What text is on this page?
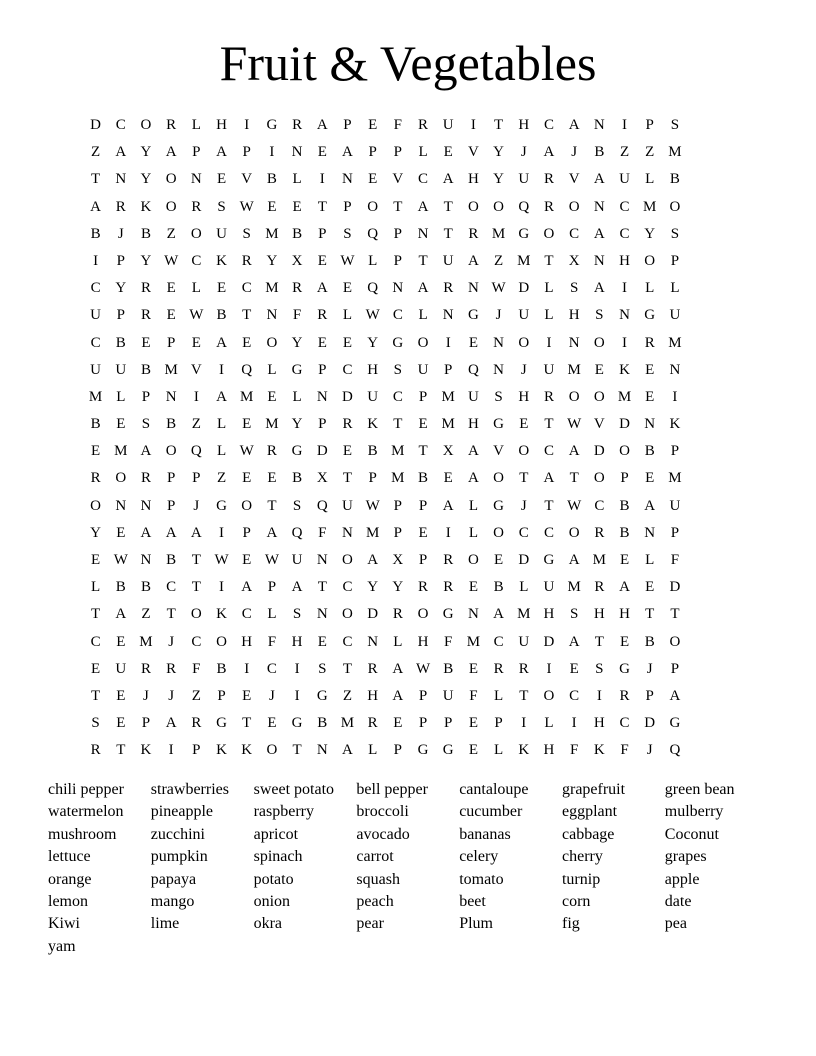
Fruit & Vegetables
D C O R	L	H	I	G R A	P	E	F	R U	I	T	H C A N	I	P	S
Z	A Y A	P	A	P	I	N	E	A	P	P	L	E	V Y	J	A	J	B	Z	Z M
T	N Y O N	E	V B	L	I	N	E	V C A H Y U R V A U	L	B
A R K O R	S W E	E	T	P	O	T	A	T	O O Q R O N C M O
B	J	B	Z	O U	S M B	P	S	Q	P	N	T	R M G O C A C Y	S
I	P	Y W C K R Y X	E W L	P	T	U A	Z M T	X N H O	P
C Y R	E	L	E	C M R A	E	Q N A R N W D	L	S	A	I	L	L
U	P	R	E W B	T	N	F	R	L W C	L	N G	J	U	L	H	S	N G U
C	B	E	P	E	A	E	O Y	E	E	Y G O	I	E	N O	I	N O	I	R M
U U B M V	I	Q	L	G	P	C H	S	U	P	Q N	J	U M E	K	E	N
M L	P	N	I	A M E	L	N D U C	P M U	S	H R O O M E	I
B	E	S	B	Z	L	E M Y	P	R K	T	E M H G	E	T W V D N K
E M A O Q	L W R G D	E	B M T	X A V O C A D O B	P
R O R	P	P	Z	E	E	B X	T	P M B	E	A O	T	A	T	O	P	E M
O N N	P	J	G O	T	S	Q U W P	P	A	L	G	J	T W C	B A U
Y	E	A A A	I	P	A Q	F	N M P	E	I	L	O C	C O R	B N	P
E W N B	T W E W U N O A X	P	R O	E	D G A M E	L	F
L	B	B	C	T	I	A	P	A	T	C Y Y R	R	E	B	L	U M R A	E	D
T	A	Z	T	O K C	L	S	N O D R O G N A M H	S	H H	T	T
C	E M	J	C O H	F	H	E	C N	L	H	F M C U D A	T	E	B O
E	U R	R	F	B	I	C	I	S	T	R A W B	E	R	R	I	E	S	G	J	P
T	E	J	J	Z	P	E	J	I	G	Z	H A	P	U	F	L	T	O C	I	R	P	A
S	E	P	A R G	T	E	G B M R	E	P	P	E	P	I	L	I	H C D G
R	T	K	I	P	K K O	T	N A	L	P	G G	E	L	K H	F	K	F	J	Q
chili pepper	strawberries	sweet potato	bell pepper	cantaloupe	grapefruit	green bean
watermelon	pineapple	raspberry	broccoli	cucumber	eggplant	mulberry
mushroom	zucchini	apricot	avocado	bananas	cabbage	Coconut
lettuce	pumpkin	spinach	carrot	celery	cherry	grapes
orange	papaya	potato	squash	tomato	turnip	apple
lemon	mango	onion	peach	beet	corn	date
Kiwi	lime	okra	pear	Plum	fig	pea
yam
